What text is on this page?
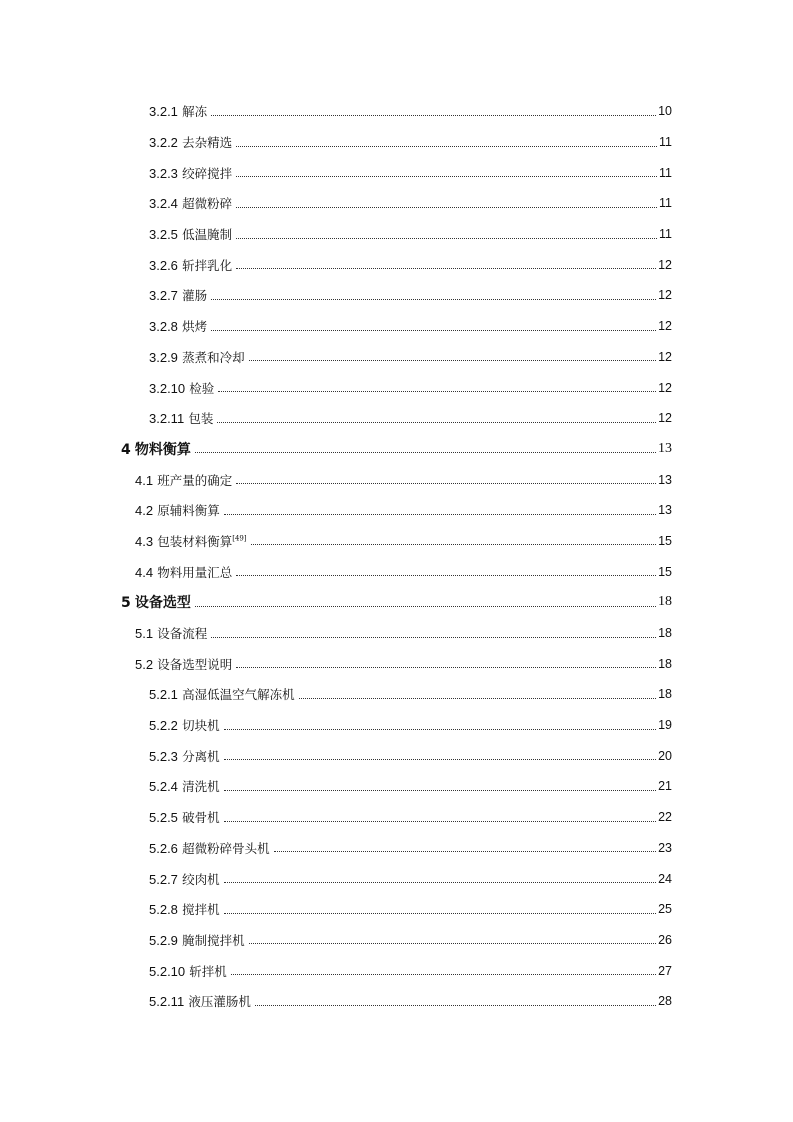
3.2.1 解冻	10
3.2.2 去杂精选	11
3.2.3 绞碎搅拌	11
3.2.4 超微粉碎	11
3.2.5 低温腌制	11
3.2.6 斩拌乳化	12
3.2.7 灌肠	12
3.2.8 烘烤	12
3.2.9 蒸煮和冷却	12
3.2.10 检验	12
3.2.11 包装	12
4 物料衡算	13
4.1 班产量的确定	13
4.2 原辅料衡算	13
4.3 包装材料衡算[49]	15
4.4 物料用量汇总	15
5 设备选型	18
5.1 设备流程	18
5.2 设备选型说明	18
5.2.1 高湿低温空气解冻机	18
5.2.2 切块机	19
5.2.3 分离机	20
5.2.4 清洗机	21
5.2.5 破骨机	22
5.2.6 超微粉碎骨头机	23
5.2.7 绞肉机	24
5.2.8 搅拌机	25
5.2.9 腌制搅拌机	26
5.2.10 斩拌机	27
5.2.11 液压灌肠机	28
